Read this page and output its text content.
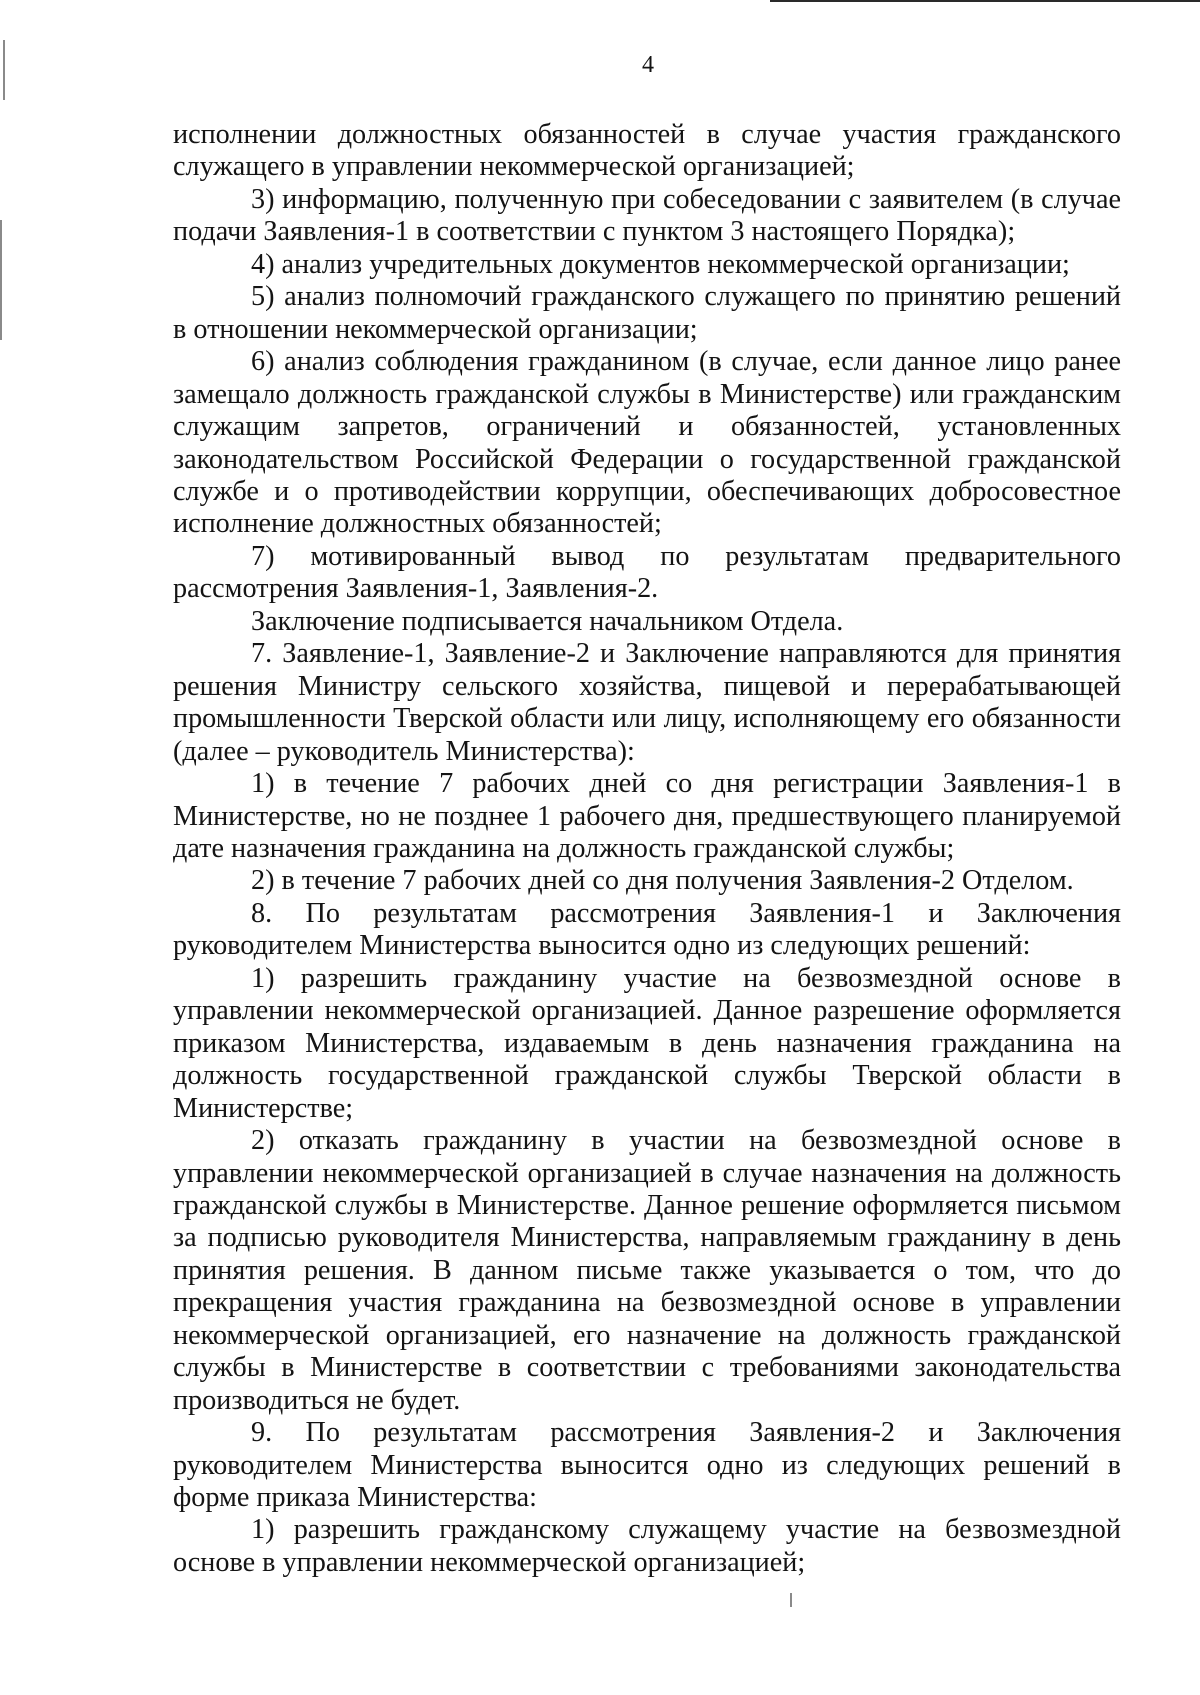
4

исполнении должностных обязанностей в случае участия гражданского служащего в управлении некоммерческой организацией;

3) информацию, полученную при собеседовании с заявителем (в случае подачи Заявления-1 в соответствии с пунктом 3 настоящего Порядка);

4) анализ учредительных документов некоммерческой организации;

5) анализ полномочий гражданского служащего по принятию решений в отношении некоммерческой организации;

6) анализ соблюдения гражданином (в случае, если данное лицо ранее замещало должность гражданской службы в Министерстве) или гражданским служащим запретов, ограничений и обязанностей, установленных законодательством Российской Федерации о государственной гражданской службе и о противодействии коррупции, обеспечивающих добросовестное исполнение должностных обязанностей;

7) мотивированный вывод по результатам предварительного рассмотрения Заявления-1, Заявления-2.

Заключение подписывается начальником Отдела.

7. Заявление-1, Заявление-2 и Заключение направляются для принятия решения Министру сельского хозяйства, пищевой и перерабатывающей промышленности Тверской области или лицу, исполняющему его обязанности (далее – руководитель Министерства):

1) в течение 7 рабочих дней со дня регистрации Заявления-1 в Министерстве, но не позднее 1 рабочего дня, предшествующего планируемой дате назначения гражданина на должность гражданской службы;

2) в течение 7 рабочих дней со дня получения Заявления-2 Отделом.

8. По результатам рассмотрения Заявления-1 и Заключения руководителем Министерства выносится одно из следующих решений:

1) разрешить гражданину участие на безвозмездной основе в управлении некоммерческой организацией. Данное разрешение оформляется приказом Министерства, издаваемым в день назначения гражданина на должность государственной гражданской службы Тверской области в Министерстве;

2) отказать гражданину в участии на безвозмездной основе в управлении некоммерческой организацией в случае назначения на должность гражданской службы в Министерстве. Данное решение оформляется письмом за подписью руководителя Министерства, направляемым гражданину в день принятия решения. В данном письме также указывается о том, что до прекращения участия гражданина на безвозмездной основе в управлении некоммерческой организацией, его назначение на должность гражданской службы в Министерстве в соответствии с требованиями законодательства производиться не будет.

9. По результатам рассмотрения Заявления-2 и Заключения руководителем Министерства выносится одно из следующих решений в форме приказа Министерства:

1) разрешить гражданскому служащему участие на безвозмездной основе в управлении некоммерческой организацией;
